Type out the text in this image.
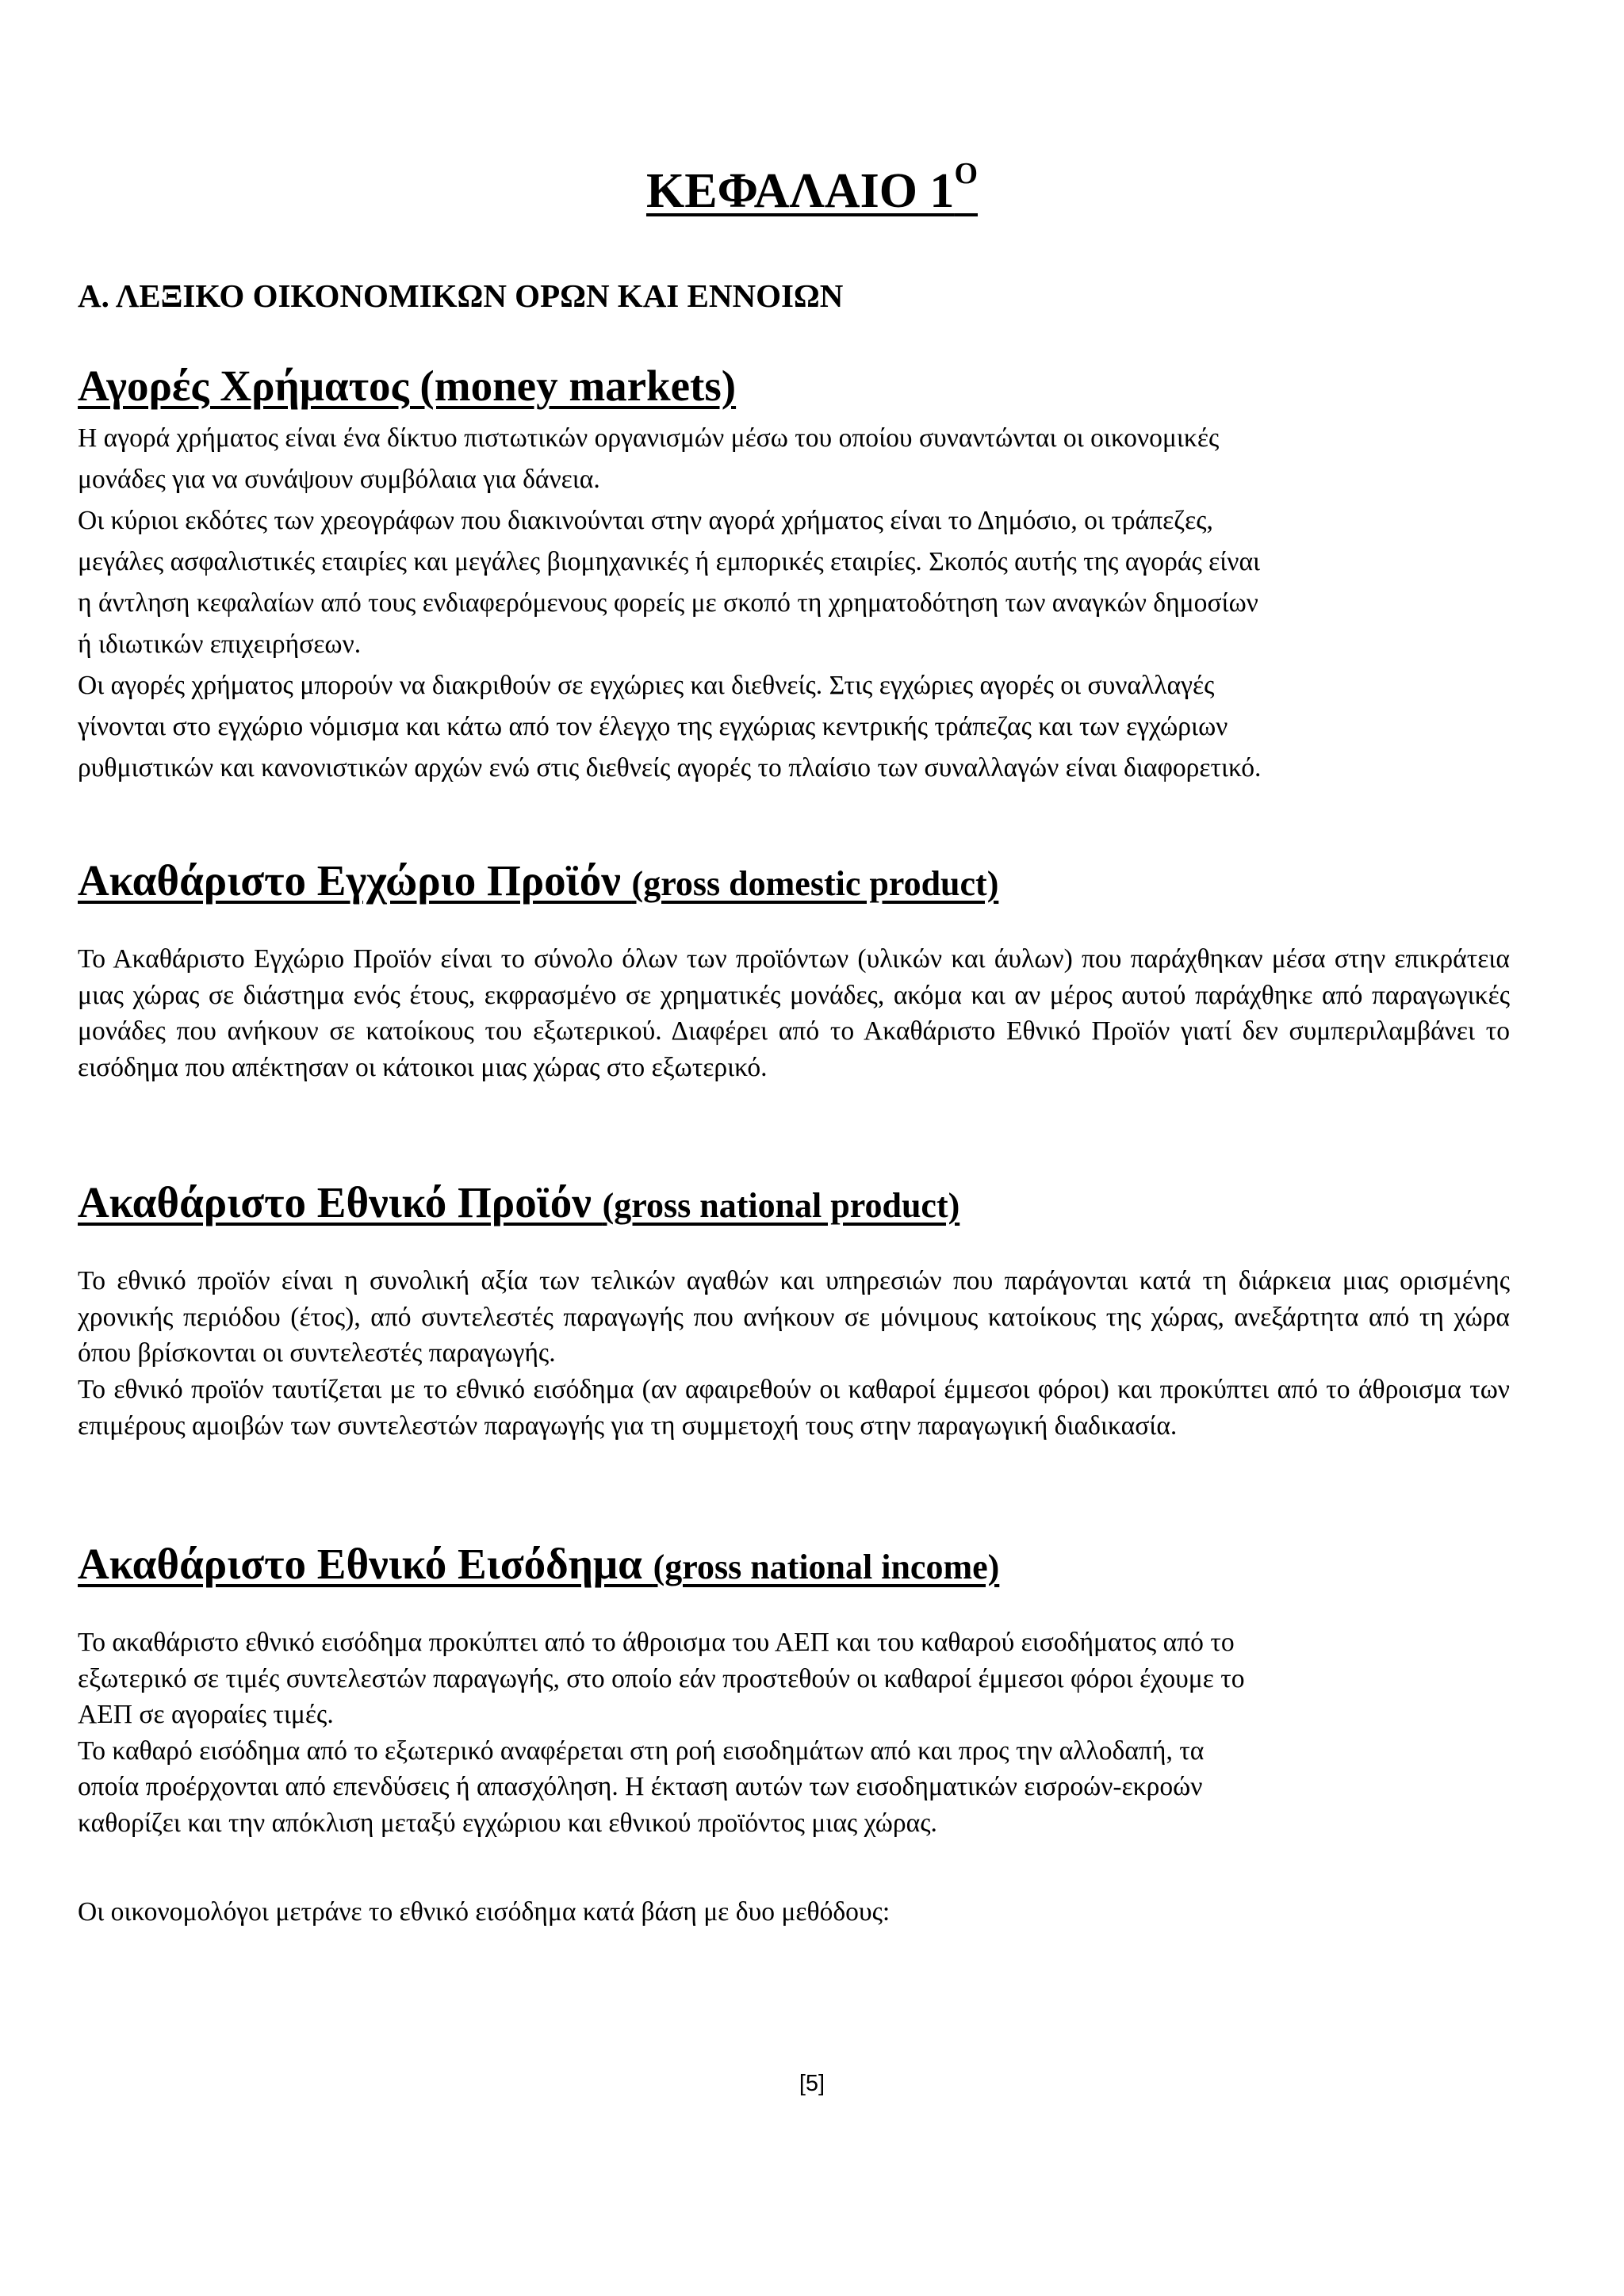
ΚΕΦΑΛΑΙΟ $1^O$
Α. ΛΕΞΙΚΟ ΟΙΚΟΝΟΜΙΚΩΝ ΟΡΩΝ ΚΑΙ ΕΝΝΟΙΩΝ
Αγορές Χρήματος (money markets)
Η αγορά χρήματος είναι ένα δίκτυο πιστωτικών οργανισμών μέσω του οποίου συναντώνται οι οικονομικές
μονάδες για να συνάψουν συμβόλαια για δάνεια.
Οι κύριοι εκδότες των χρεογράφων που διακινούνται στην αγορά χρήματος είναι το Δημόσιο, οι τράπεζες,
μεγάλες ασφαλιστικές εταιρίες και μεγάλες βιομηχανικές ή εμπορικές εταιρίες. Σκοπός αυτής της αγοράς είναι
η άντληση κεφαλαίων από τους ενδιαφερόμενους φορείς με σκοπό τη χρηματοδότηση των αναγκών δημοσίων
ή ιδιωτικών επιχειρήσεων.
Οι αγορές χρήματος μπορούν να διακριθούν σε εγχώριες και διεθνείς. Στις εγχώριες αγορές οι συναλλαγές
γίνονται στο εγχώριο νόμισμα και κάτω από τον έλεγχο της εγχώριας κεντρικής τράπεζας και των εγχώριων
ρυθμιστικών και κανονιστικών αρχών ενώ στις διεθνείς αγορές το πλαίσιο των συναλλαγών είναι διαφορετικό.
Ακαθάριστο Εγχώριο Προϊόν (gross domestic product)

Το Ακαθάριστο Εγχώριο Προϊόν είναι το σύνολο όλων των προϊόντων (υλικών και άυλων) που παράχθηκαν μέσα στην επικράτεια μιας χώρας σε διάστημα ενός έτους, εκφρασμένο σε χρηματικές μονάδες, ακόμα και αν μέρος αυτού παράχθηκε από παραγωγικές μονάδες που ανήκουν σε κατοίκους του εξωτερικού. Διαφέρει από το Ακαθάριστο Εθνικό Προϊόν γιατί δεν συμπεριλαμβάνει το εισόδημα που απέκτησαν οι κάτοικοι μιας χώρας στο εξωτερικό.

Ακαθάριστο Εθνικό Προϊόν (gross national product)

Το εθνικό προϊόν είναι η συνολική αξία των τελικών αγαθών και υπηρεσιών που παράγονται κατά τη διάρκεια μιας ορισμένης χρονικής περιόδου (έτος), από συντελεστές παραγωγής που ανήκουν σε μόνιμους κατοίκους της χώρας, ανεξάρτητα από τη χώρα όπου βρίσκονται οι συντελεστές παραγωγής.

Το εθνικό προϊόν ταυτίζεται με το εθνικό εισόδημα (αν αφαιρεθούν οι καθαροί έμμεσοι φόροι) και προκύπτει από το άθροισμα των επιμέρους αμοιβών των συντελεστών παραγωγής για τη συμμετοχή τους στην παραγωγική διαδικασία.

Ακαθάριστο Εθνικό Εισόδημα (gross national income)
Το ακαθάριστο εθνικό εισόδημα προκύπτει από το άθροισμα του ΑΕΠ και του καθαρού εισοδήματος από το
εξωτερικό σε τιμές συντελεστών παραγωγής, στο οποίο εάν προστεθούν οι καθαροί έμμεσοι φόροι έχουμε το
ΑΕΠ σε αγοραίες τιμές.
Το καθαρό εισόδημα από το εξωτερικό αναφέρεται στη ροή εισοδημάτων από και προς την αλλοδαπή, τα
οποία προέρχονται από επενδύσεις ή απασχόληση. Η έκταση αυτών των εισοδηματικών εισροών-εκροών
καθορίζει και την απόκλιση μεταξύ εγχώριου και εθνικού προϊόντος μιας χώρας.

Οι οικονομολόγοι μετράνε το εθνικό εισόδημα κατά βάση με δυο μεθόδους:

[5]
